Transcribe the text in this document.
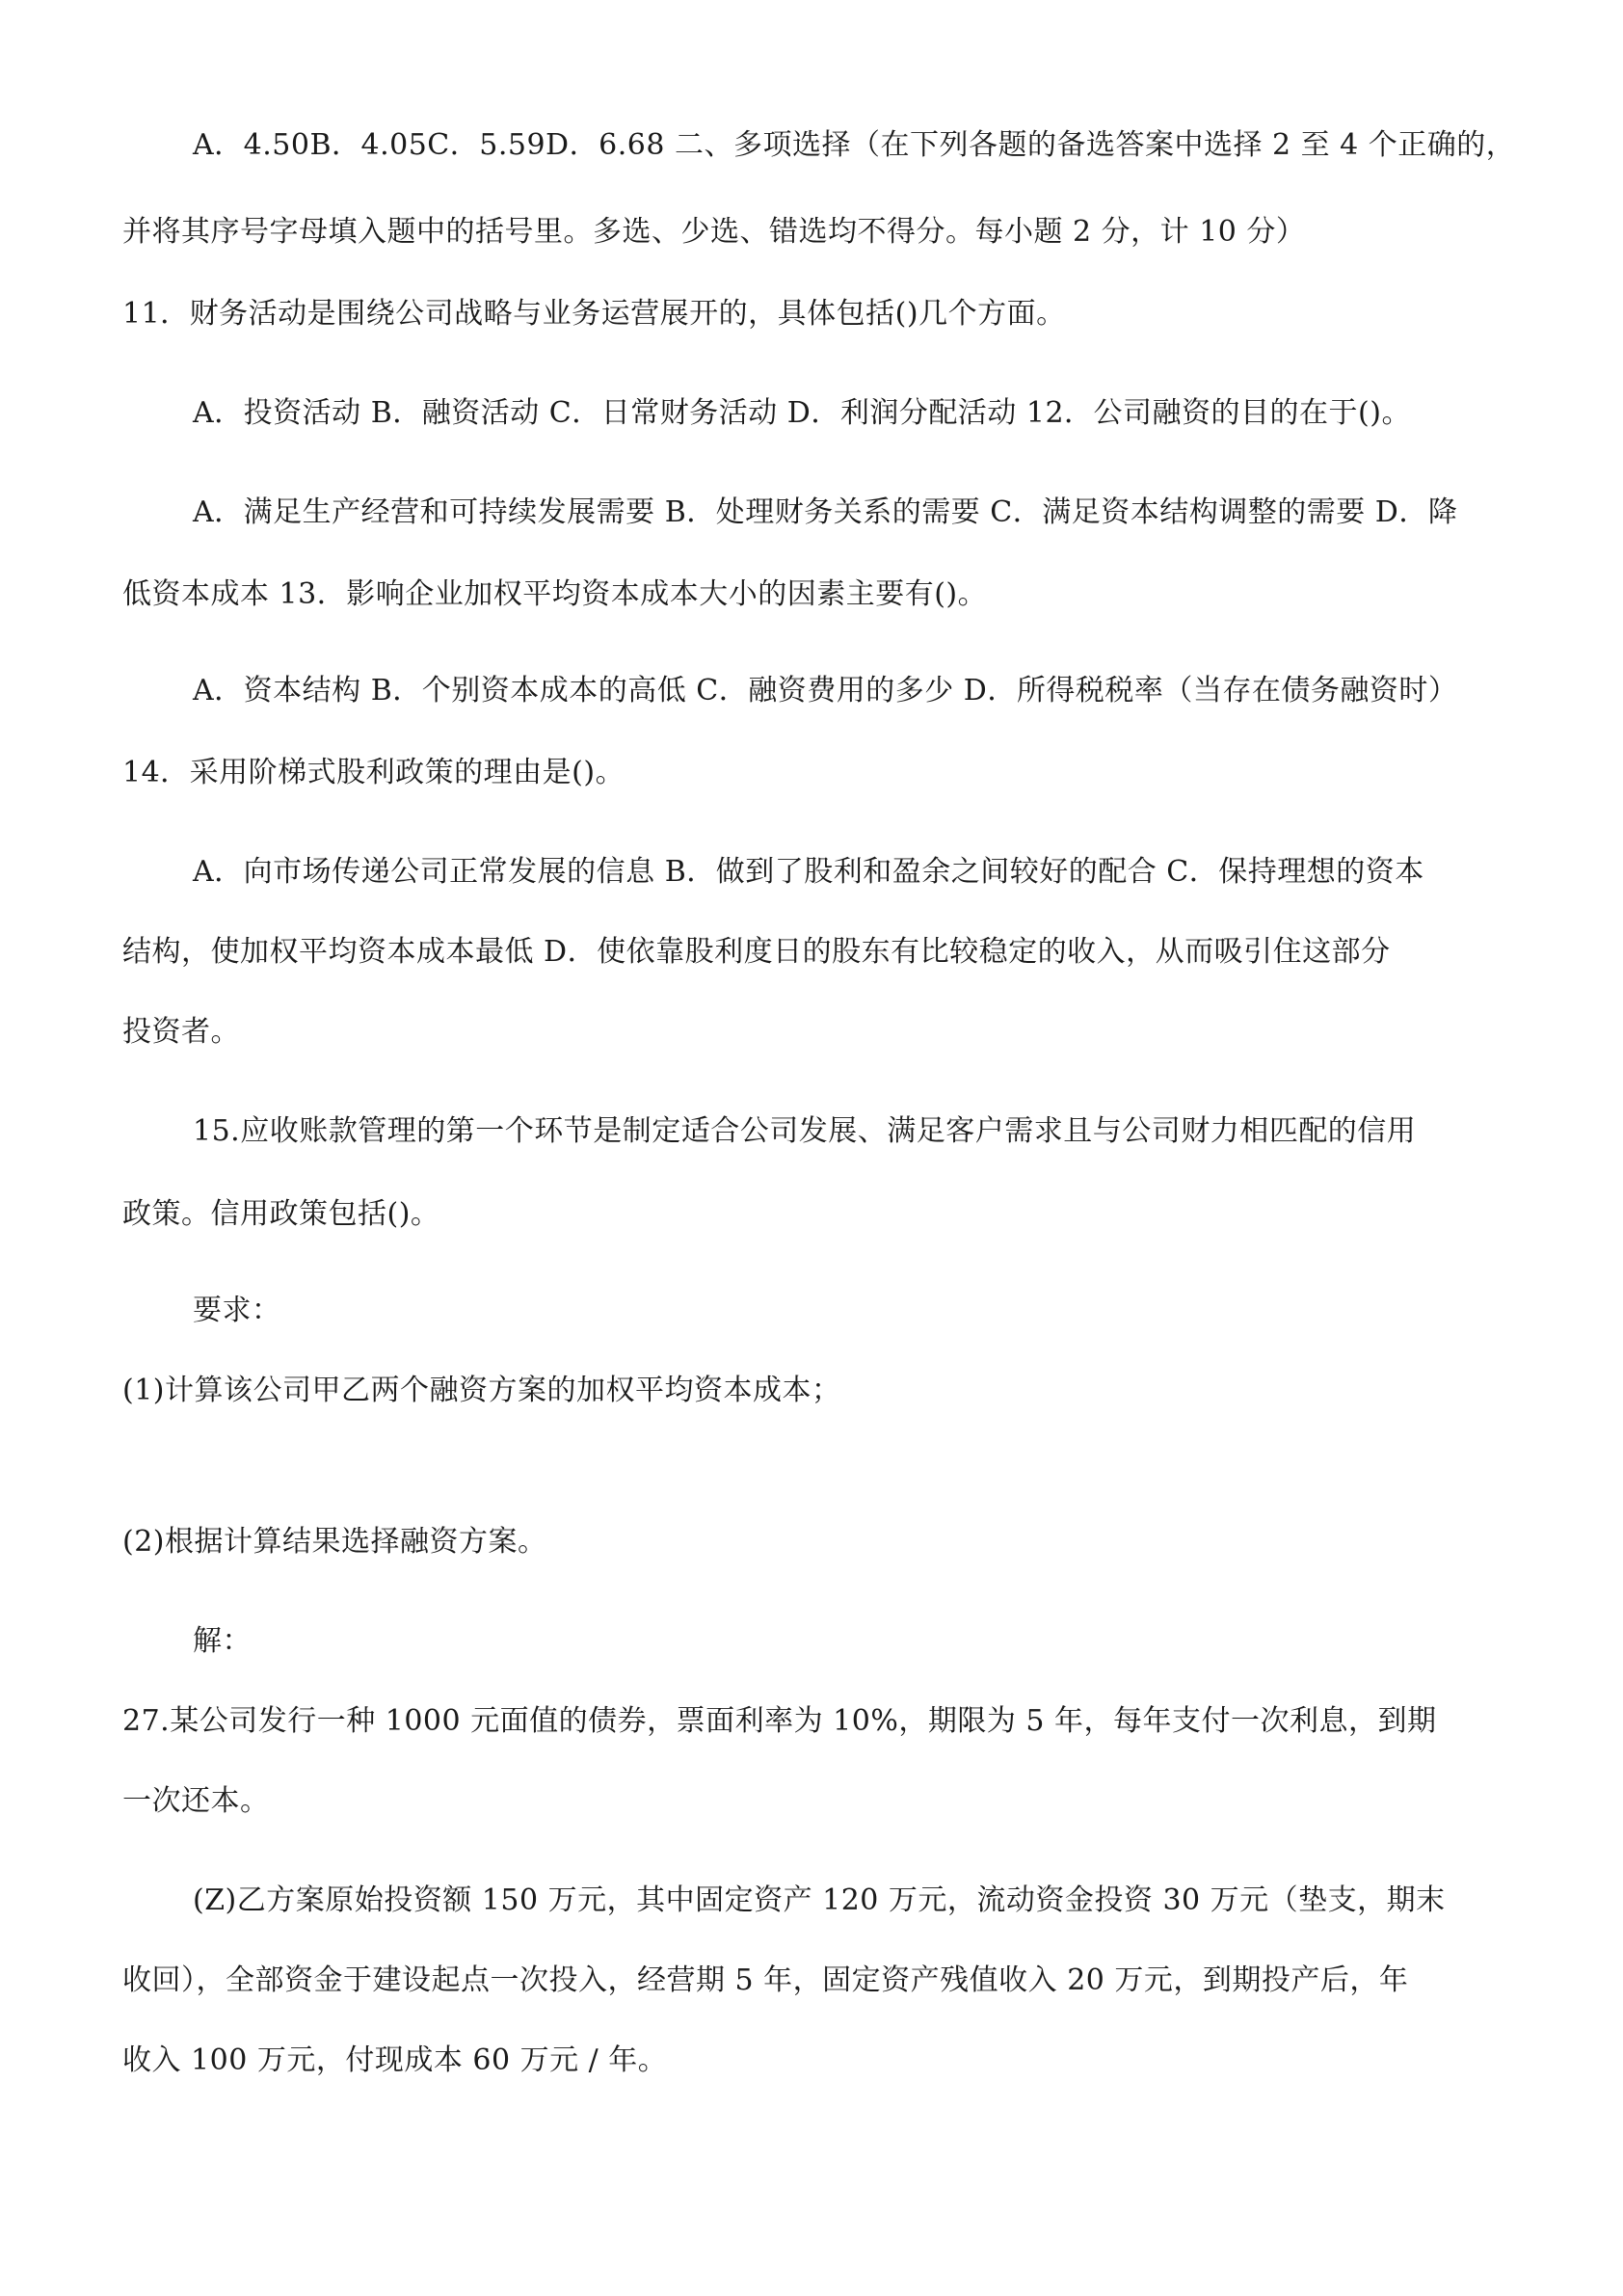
A．4.50B．4.05C．5.59D．6.68 二、多项选择（在下列各题的备选答案中选择 2 至 4 个正确的，
并将其序号字母填入题中的括号里。多选、少选、错选均不得分。每小题 2 分，计 10 分）
11．财务活动是围绕公司战略与业务运营展开的，具体包括()几个方面。
A．投资活动 B．融资活动 C．日常财务活动 D．利润分配活动 12．公司融资的目的在于()。
A．满足生产经营和可持续发展需要 B．处理财务关系的需要 C．满足资本结构调整的需要 D．降
低资本成本 13．影响企业加权平均资本成本大小的因素主要有()。
A．资本结构 B．个别资本成本的高低 C．融资费用的多少 D．所得税税率（当存在债务融资时）
14．采用阶梯式股利政策的理由是()。
A．向市场传递公司正常发展的信息 B．做到了股利和盈余之间较好的配合 C．保持理想的资本
结构，使加权平均资本成本最低 D．使依靠股利度日的股东有比较稳定的收入，从而吸引住这部分
投资者。
15.应收账款管理的第一个环节是制定适合公司发展、满足客户需求且与公司财力相匹配的信用
政策。信用政策包括()。
要求：
(1)计算该公司甲乙两个融资方案的加权平均资本成本；
(2)根据计算结果选择融资方案。
解：
27.某公司发行一种 1000 元面值的债券，票面利率为 10%，期限为 5 年，每年支付一次利息，到期
一次还本。
(Z)乙方案原始投资额 150 万元，其中固定资产 120 万元，流动资金投资 30 万元（垫支，期末
收回），全部资金于建设起点一次投入，经营期 5 年，固定资产残值收入 20 万元，到期投产后，年
收入 100 万元，付现成本 60 万元 / 年。
